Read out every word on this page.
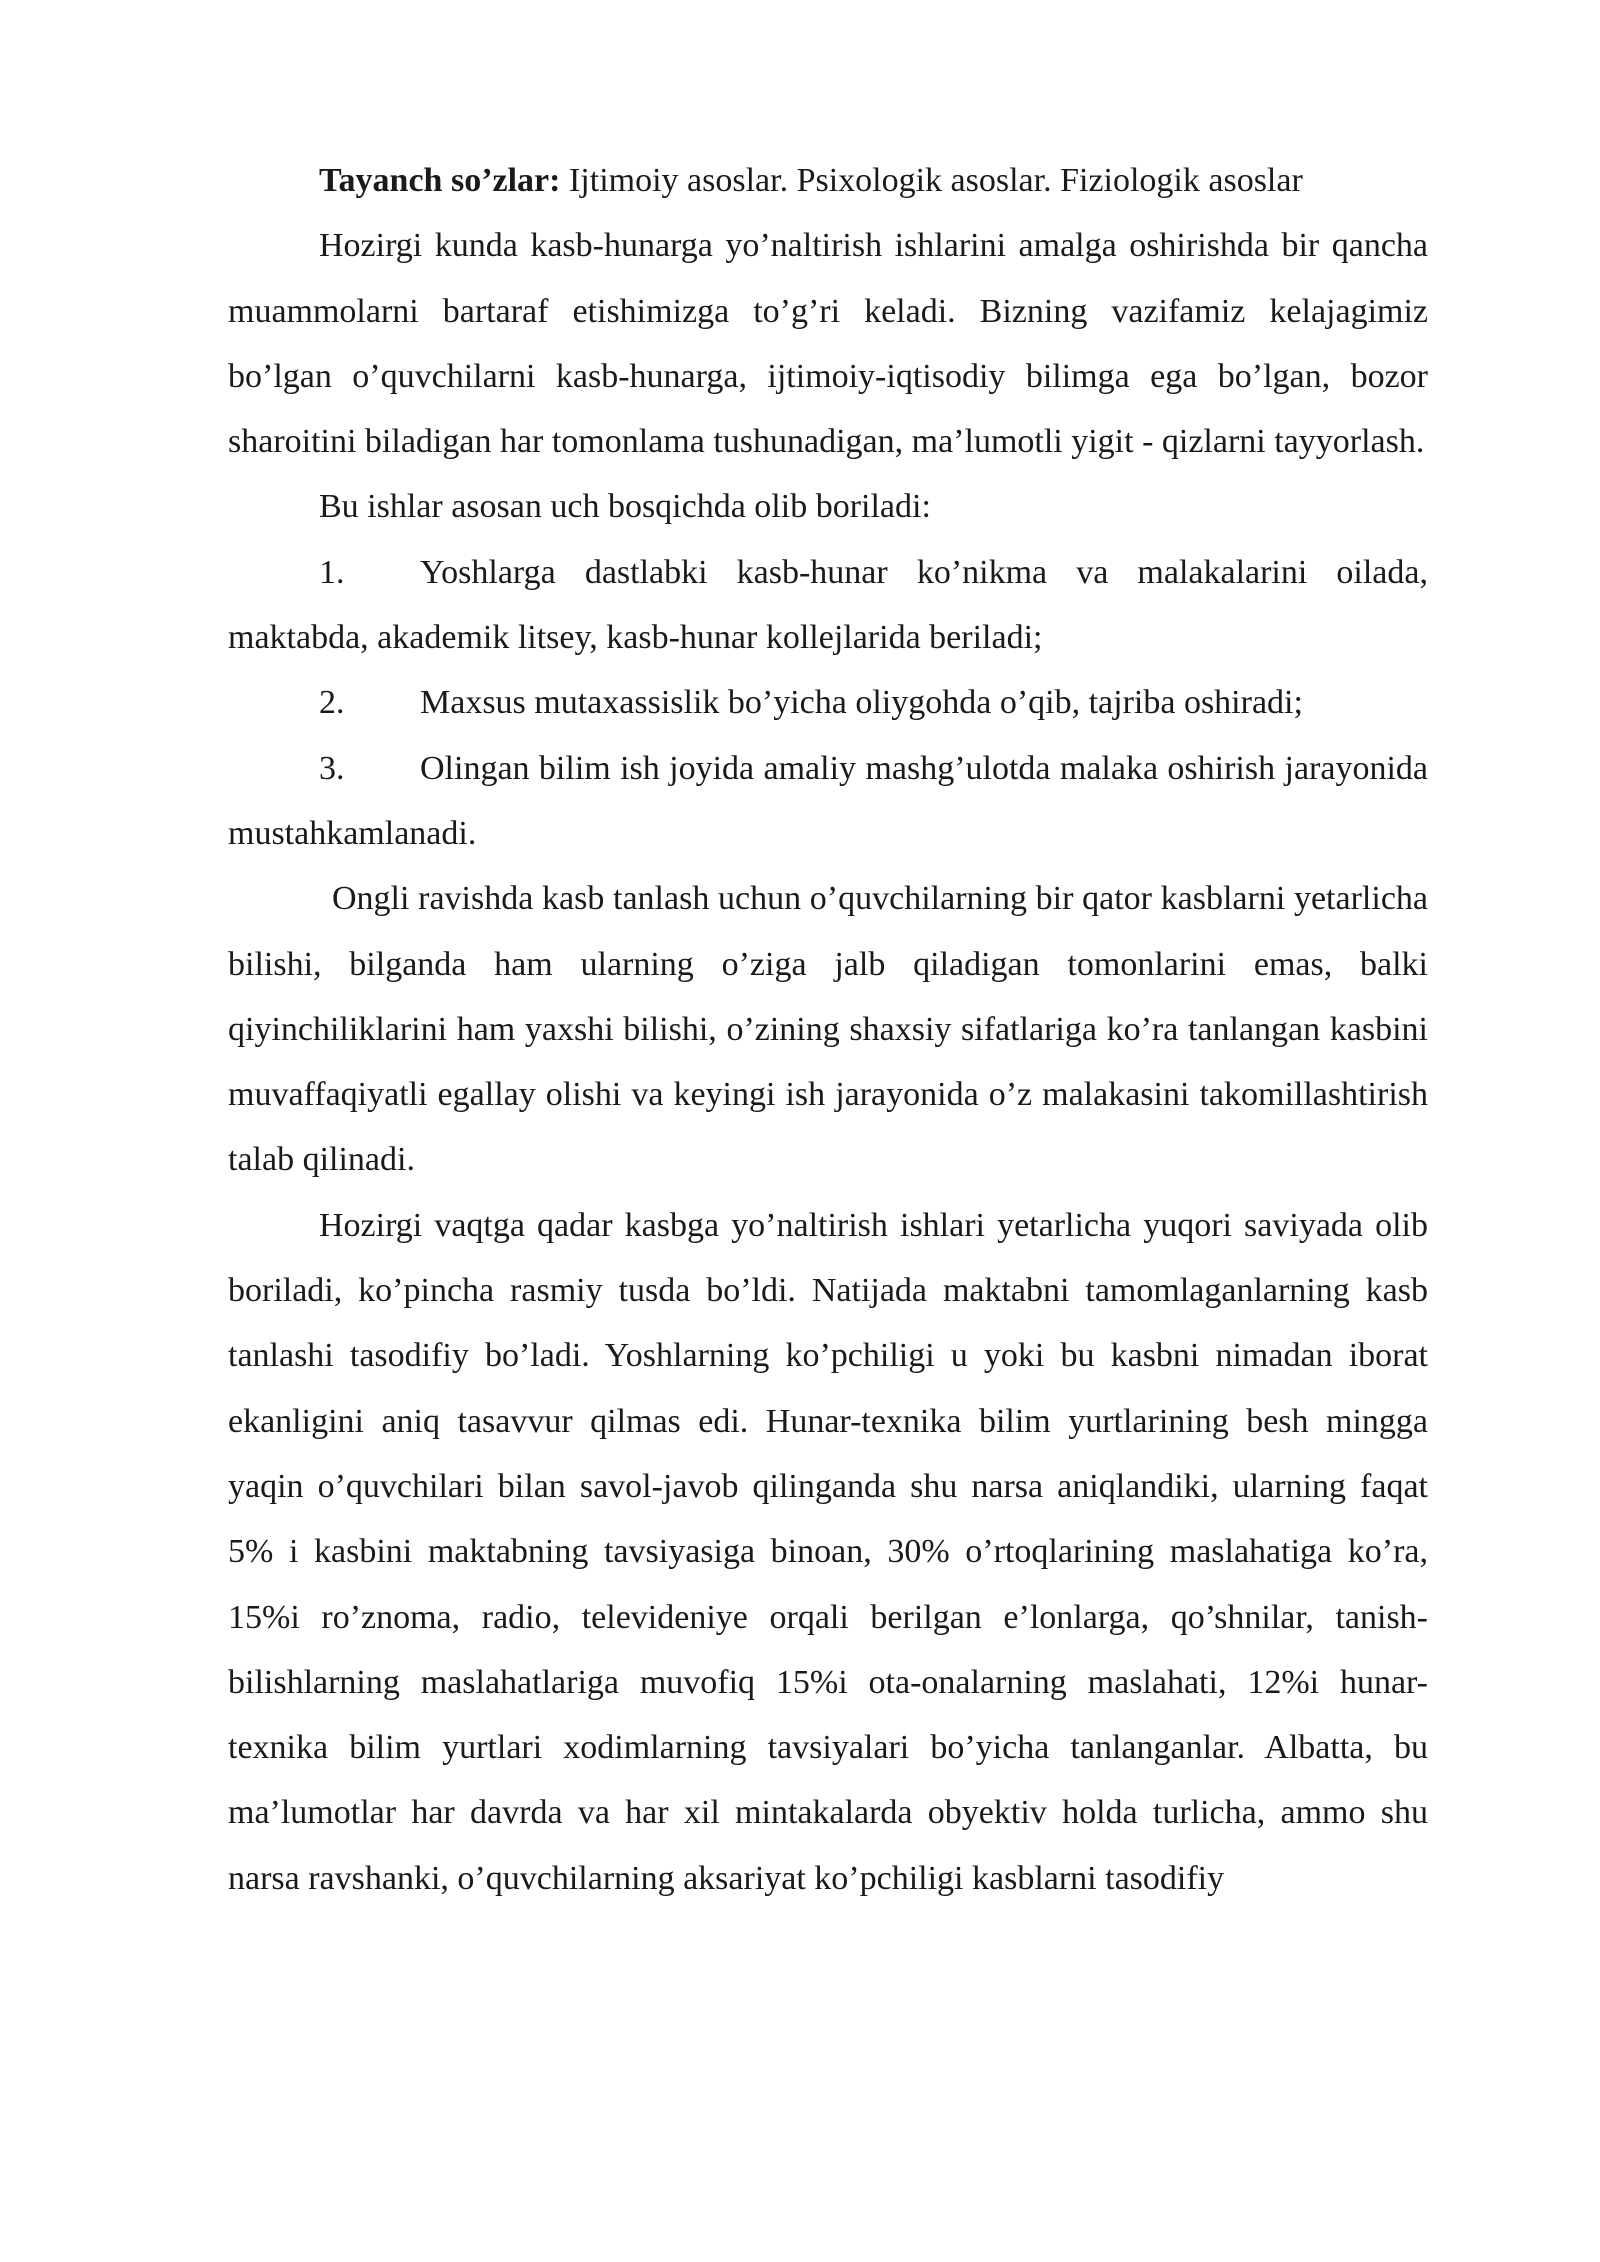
Tayanch so’zlar: Ijtimoiy asoslar. Psixologik asoslar. Fiziologik asoslar

Hozirgi kunda kasb-hunarga yo’naltirish ishlarini amalga oshirishda bir qancha muammolarni bartaraf etishimizga to’g’ri keladi. Bizning vazifamiz kelajagimiz bo’lgan o’quvchilarni kasb-hunarga, ijtimoiy-iqtisodiy bilimga ega bo’lgan, bozor sharoitini biladigan har tomonlama tushunadigan, ma’lumotli yigit - qizlarni tayyorlash.

Bu ishlar asosan uch bosqichda olib boriladi:

1. Yoshlarga dastlabki kasb-hunar ko’nikma va malakalarini oilada, maktabda, akademik litsey, kasb-hunar kollejlarida beriladi;

2. Maxsus mutaxassislik bo’yicha oliygohda o’qib, tajriba oshiradi;

3. Olingan bilim ish joyida amaliy mashg’ulotda malaka oshirish jarayonida mustahkamlanadi.

Ongli ravishda kasb tanlash uchun o’quvchilarning bir qator kasblarni yetarlicha bilishi, bilganda ham ularning o’ziga jalb qiladigan tomonlarini emas, balki qiyinchiliklarini ham yaxshi bilishi, o’zining shaxsiy sifatlariga ko’ra tanlangan kasbini muvaffaqiyatli egallay olishi va keyingi ish jarayonida o’z malakasini takomillashtirish talab qilinadi.

Hozirgi vaqtga qadar kasbga yo’naltirish ishlari yetarlicha yuqori saviyada olib boriladi, ko’pincha rasmiy tusda bo’ldi. Natijada maktabni tamomlaganlarning kasb tanlashi tasodifiy bo’ladi. Yoshlarning ko’pchiligi u yoki bu kasbni nimadan iborat ekanligini aniq tasavvur qilmas edi. Hunar-texnika bilim yurtlarining besh mingga yaqin o’quvchilari bilan savol-javob qilinganda shu narsa aniqlandiki, ularning faqat 5% i kasbini maktabning tavsiyasiga binoan, 30% o’rtoqlarining maslahatiga ko’ra, 15%i ro’znoma, radio, televideniye orqali berilgan e’lonlarga, qo’shnilar, tanish-bilishlarning maslahatlariga muvofiq 15%i ota-onalarning maslahati, 12%i hunar-texnika bilim yurtlari xodimlarning tavsiyalari bo’yicha tanlanganlar. Albatta, bu ma’lumotlar har davrda va har xil mintakalarda obyektiv holda turlicha, ammo shu narsa ravshanki, o’quvchilarning aksariyat ko’pchiligi kasblarni tasodifiy
